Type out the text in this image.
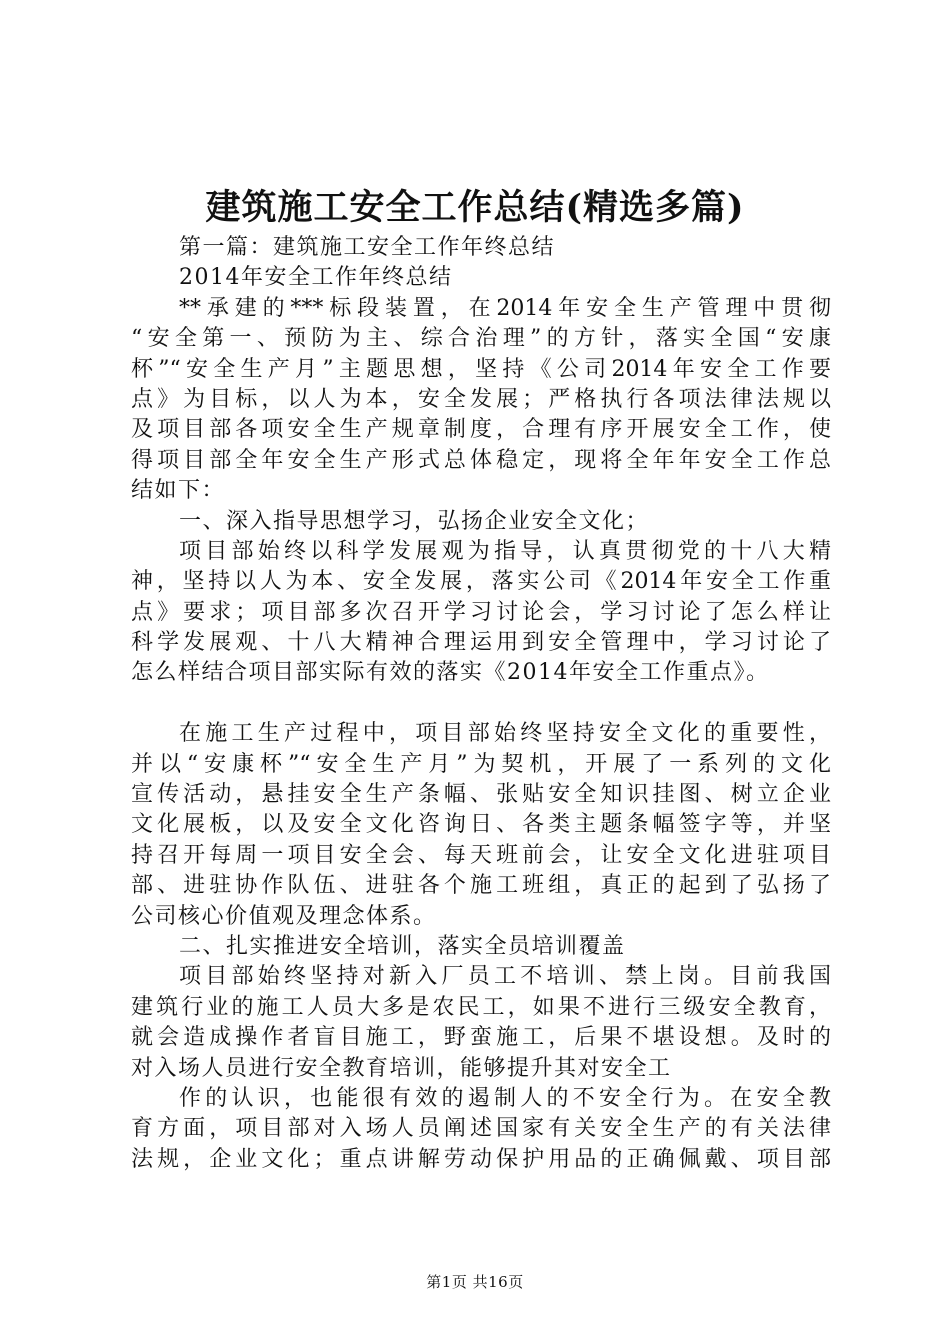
建筑施工安全工作总结(精选多篇)
第一篇：建筑施工安全工作年终总结
2014年安全工作年终总结
**承建的***标段装置，在2014年安全生产管理中贯彻
“安全第一、预防为主、综合治理”的方针，落实全国“安康
杯”“安全生产月”主题思想，坚持《公司2014年安全工作要
点》为目标，以人为本，安全发展；严格执行各项法律法规以
及项目部各项安全生产规章制度，合理有序开展安全工作，使
得项目部全年安全生产形式总体稳定，现将全年年安全工作总
结如下：
一、深入指导思想学习，弘扬企业安全文化；
项目部始终以科学发展观为指导，认真贯彻党的十八大精
神，坚持以人为本、安全发展，落实公司《2014年安全工作重
点》要求；项目部多次召开学习讨论会，学习讨论了怎么样让
科学发展观、十八大精神合理运用到安全管理中，学习讨论了
怎么样结合项目部实际有效的落实《2014年安全工作重点》。
在施工生产过程中，项目部始终坚持安全文化的重要性，
并以“安康杯”“安全生产月”为契机，开展了一系列的文化
宣传活动，悬挂安全生产条幅、张贴安全知识挂图、树立企业
文化展板，以及安全文化咨询日、各类主题条幅签字等，并坚
持召开每周一项目安全会、每天班前会，让安全文化进驻项目
部、进驻协作队伍、进驻各个施工班组，真正的起到了弘扬了
公司核心价值观及理念体系。
二、扎实推进安全培训，落实全员培训覆盖
项目部始终坚持对新入厂员工不培训、禁上岗。目前我国
建筑行业的施工人员大多是农民工，如果不进行三级安全教育，
就会造成操作者盲目施工，野蛮施工，后果不堪设想。及时的
对入场人员进行安全教育培训，能够提升其对安全工
作的认识，也能很有效的遏制人的不安全行为。在安全教
育方面，项目部对入场人员阐述国家有关安全生产的有关法律
法规，企业文化；重点讲解劳动保护用品的正确佩戴、项目部
第1页 共16页
